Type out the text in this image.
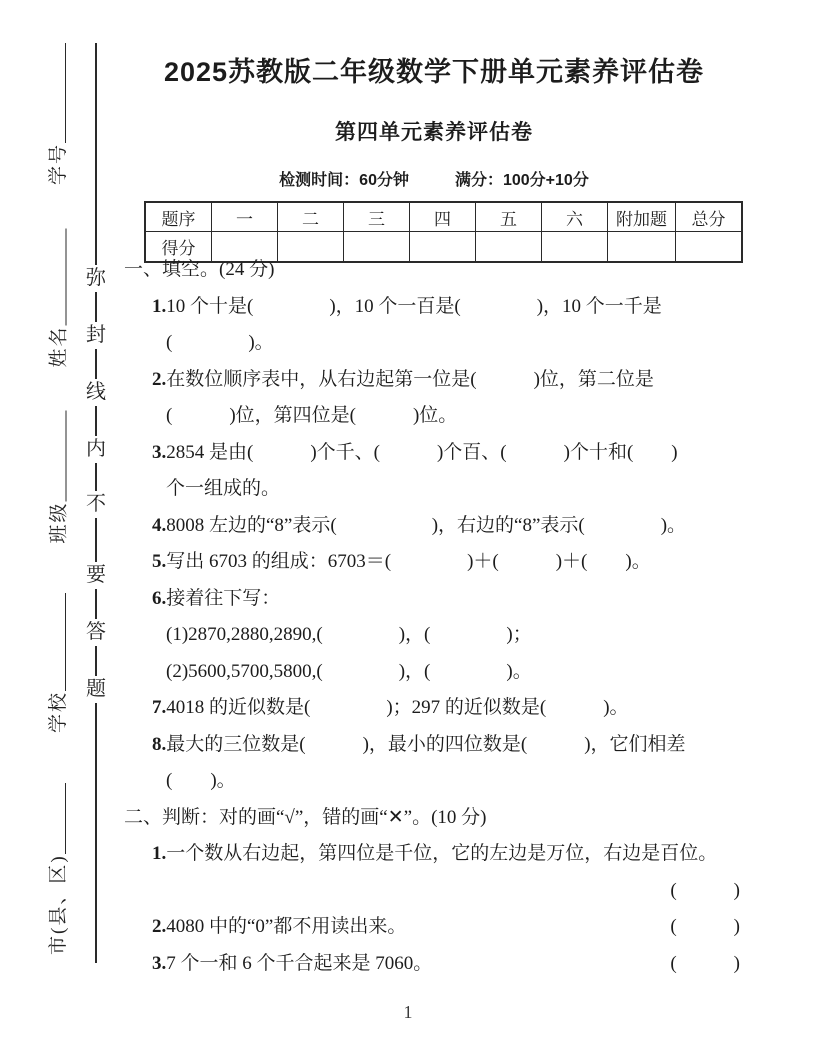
学号
姓名
班级
学校
市(县、区)
弥
封
线
内
不
要
答
题
2025苏教版二年级数学下册单元素养评估卷
第四单元素养评估卷
检测时间：60分钟	满分：100分+10分
题序	一	二	三	四	五	六	附加题	总分
得分								
一、填空。(24 分)
1.10 个十是(　　　　)，10 个一百是(　　　　)，10 个一千是
(　　　　)。
2.在数位顺序表中，从右边起第一位是(　　　)位，第二位是
(　　　)位，第四位是(　　　)位。
3.2854 是由(　　　)个千、(　　　)个百、(　　　)个十和(　　)
个一组成的。
4.8008 左边的“8”表示(　　　　　)，右边的“8”表示(　　　　)。
5.写出 6703 的组成：6703＝(　　　　)＋(　　　)＋(　　)。
6.接着往下写：
(1)2870,2880,2890,(　　　　)，(　　　　)；
(2)5600,5700,5800,(　　　　)，(　　　　)。
7.4018 的近似数是(　　　　)；297 的近似数是(　　　)。
8.最大的三位数是(　　　)，最小的四位数是(　　　)，它们相差
(　　)。
二、判断：对的画“√”，错的画“✕”。(10 分)
1.一个数从右边起，第四位是千位，它的左边是万位，右边是百位。
(　　　)
2.4080 中的“0”都不用读出来。	(　　　)
3.7 个一和 6 个千合起来是 7060。	(　　　)
1
